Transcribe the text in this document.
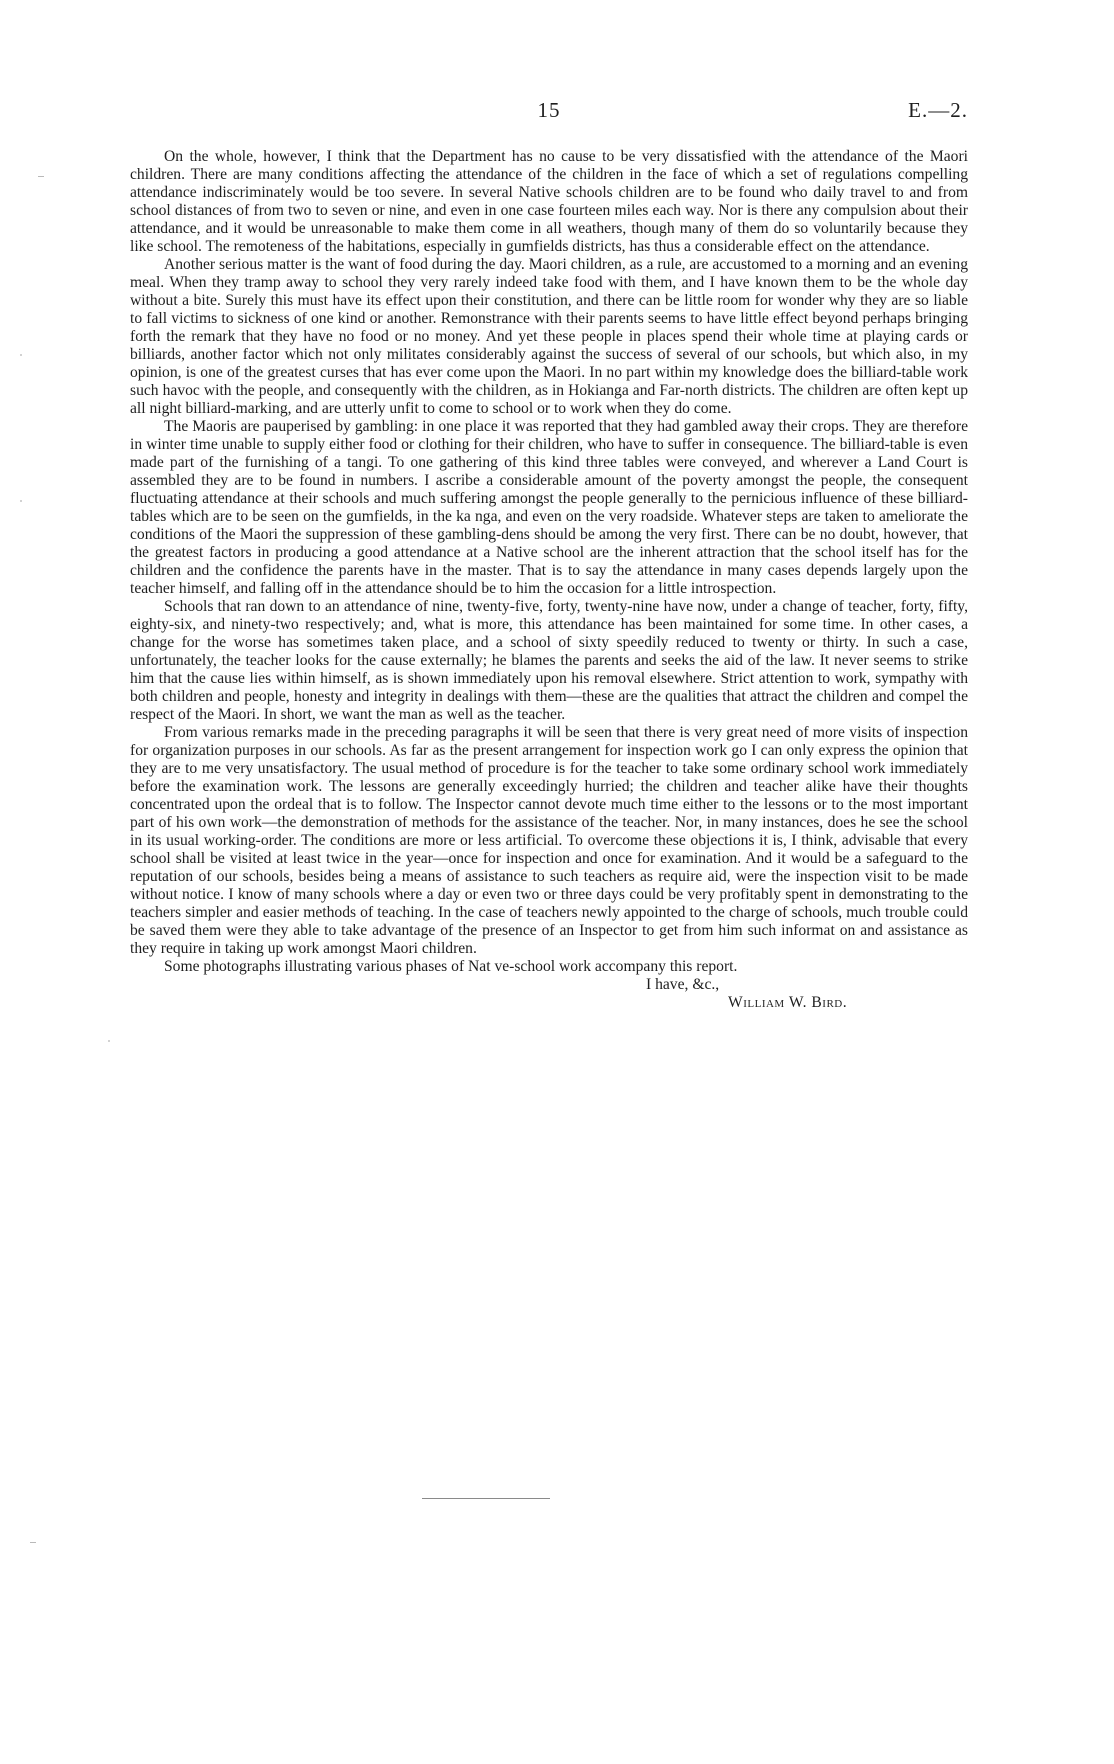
15	E.—2.

On the whole, however, I think that the Department has no cause to be very dissatisfied with the attendance of the Maori children. There are many conditions affecting the attendance of the children in the face of which a set of regulations compelling attendance indiscriminately would be too severe. In several Native schools children are to be found who daily travel to and from school distances of from two to seven or nine, and even in one case fourteen miles each way. Nor is there any compulsion about their attendance, and it would be unreasonable to make them come in all weathers, though many of them do so voluntarily because they like school. The remoteness of the habitations, especially in gumfields districts, has thus a considerable effect on the attendance.

Another serious matter is the want of food during the day. Maori children, as a rule, are accustomed to a morning and an evening meal. When they tramp away to school they very rarely indeed take food with them, and I have known them to be the whole day without a bite. Surely this must have its effect upon their constitution, and there can be little room for wonder why they are so liable to fall victims to sickness of one kind or another. Remonstrance with their parents seems to have little effect beyond perhaps bringing forth the remark that they have no food or no money. And yet these people in places spend their whole time at playing cards or billiards, another factor which not only militates considerably against the success of several of our schools, but which also, in my opinion, is one of the greatest curses that has ever come upon the Maori. In no part within my knowledge does the billiard-table work such havoc with the people, and consequently with the children, as in Hokianga and Far-north districts. The children are often kept up all night billiard-marking, and are utterly unfit to come to school or to work when they do come.

The Maoris are pauperised by gambling: in one place it was reported that they had gambled away their crops. They are therefore in winter time unable to supply either food or clothing for their children, who have to suffer in consequence. The billiard-table is even made part of the furnishing of a tangi. To one gathering of this kind three tables were conveyed, and wherever a Land Court is assembled they are to be found in numbers. I ascribe a considerable amount of the poverty amongst the people, the consequent fluctuating attendance at their schools and much suffering amongst the people generally to the pernicious influence of these billiard-tables which are to be seen on the gumfields, in the ka nga, and even on the very roadside. Whatever steps are taken to ameliorate the conditions of the Maori the suppression of these gambling-dens should be among the very first. There can be no doubt, however, that the greatest factors in producing a good attendance at a Native school are the inherent attraction that the school itself has for the children and the confidence the parents have in the master. That is to say the attendance in many cases depends largely upon the teacher himself, and falling off in the attendance should be to him the occasion for a little introspection.

Schools that ran down to an attendance of nine, twenty-five, forty, twenty-nine have now, under a change of teacher, forty, fifty, eighty-six, and ninety-two respectively; and, what is more, this attendance has been maintained for some time. In other cases, a change for the worse has sometimes taken place, and a school of sixty speedily reduced to twenty or thirty. In such a case, unfortunately, the teacher looks for the cause externally; he blames the parents and seeks the aid of the law. It never seems to strike him that the cause lies within himself, as is shown immediately upon his removal elsewhere. Strict attention to work, sympathy with both children and people, honesty and integrity in dealings with them—these are the qualities that attract the children and compel the respect of the Maori. In short, we want the man as well as the teacher.

From various remarks made in the preceding paragraphs it will be seen that there is very great need of more visits of inspection for organization purposes in our schools. As far as the present arrangement for inspection work go I can only express the opinion that they are to me very unsatisfactory. The usual method of procedure is for the teacher to take some ordinary school work immediately before the examination work. The lessons are generally exceedingly hurried; the children and teacher alike have their thoughts concentrated upon the ordeal that is to follow. The Inspector cannot devote much time either to the lessons or to the most important part of his own work—the demonstration of methods for the assistance of the teacher. Nor, in many instances, does he see the school in its usual working-order. The conditions are more or less artificial. To overcome these objections it is, I think, advisable that every school shall be visited at least twice in the year—once for inspection and once for examination. And it would be a safeguard to the reputation of our schools, besides being a means of assistance to such teachers as require aid, were the inspection visit to be made without notice. I know of many schools where a day or even two or three days could be very profitably spent in demonstrating to the teachers simpler and easier methods of teaching. In the case of teachers newly appointed to the charge of schools, much trouble could be saved them were they able to take advantage of the presence of an Inspector to get from him such informat on and assistance as they require in taking up work amongst Maori children.

Some photographs illustrating various phases of Nat ve-school work accompany this report.

I have, &c.,
William W. Bird.
